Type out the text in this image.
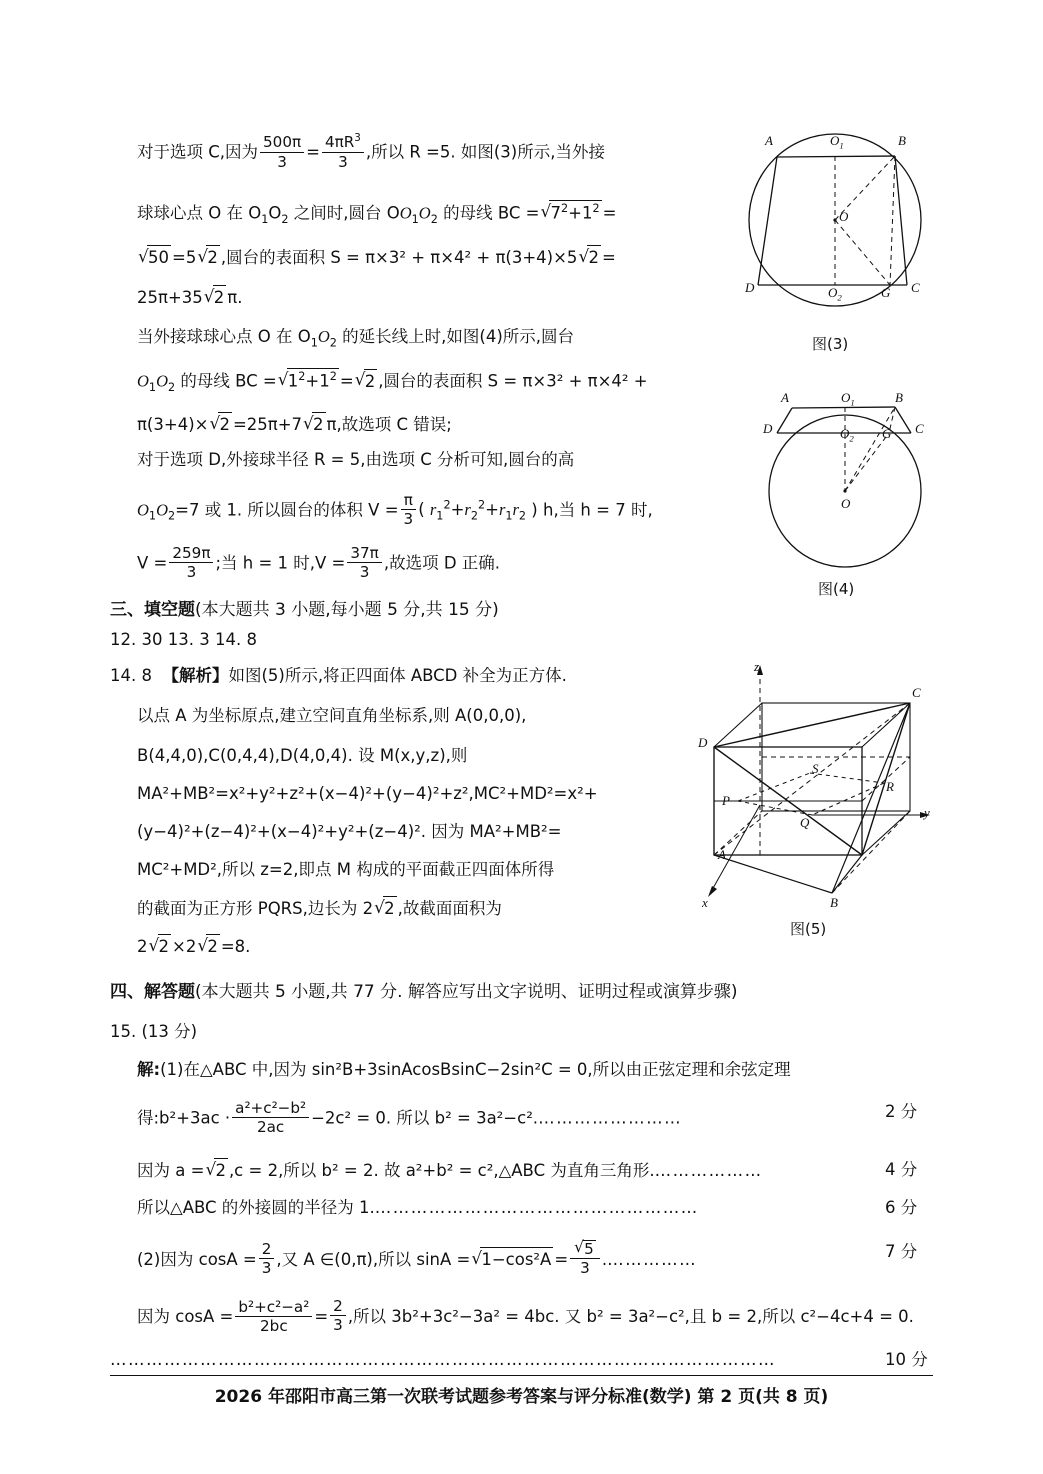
对于选项 C,因为 $\frac{500\pi}{3} = \frac{4\pi R^3}{3}$ ,所以 R =5. 如图(3)所示,当外接
球球心点 O 在 $O_1O_2$ 之间时,圆台 $OO_1O_2$ 的母线 BC = √ $7^2+1^2$ =
√ 50 =5 √ 2 ,圆台的表面积 S = π×3² + π×4² + π(3+4)×5 √ 2 =
25π+35 √ 2 π.
当外接球球心点 O 在 $O_1O_2$ 的延长线上时,如图(4)所示,圆台
$O_1O_2$ 的母线 BC = √ $1^2+1^2$ = √ 2 ,圆台的表面积 S = π×3² + π×4² +
π(3+4)× √ 2 =25π+7 √ 2 π,故选项 C 错误;
对于选项 D,外接球半径 R = 5,由选项 C 分析可知,圆台的高
$O_1O_2=7$ 或 1. 所以圆台的体积 $V = \frac{\pi}{3}$ ( $r_1^2+r_2^2+r_1r_2$ ) h,当 h = 7 时,
$V = \frac{259\pi}{3}$ ;当 h = 1 时$,V = \frac{37\pi}{3}$ ,故选项 D 正确.
三、填空题(本大题共 3 小题,每小题 5 分,共 15 分)
12. 30 13. 3 14. 8
14. 8 【解析】如图(5)所示,将正四面体 ABCD 补全为正方体.
以点 A 为坐标原点,建立空间直角坐标系,则 A(0,0,0),
B(4,4,0),C(0,4,4),D(4,0,4). 设 M(x,y,z),则
MA²+MB²=x²+y²+z²+(x−4)²+(y−4)²+z²,MC²+MD²=x²+
(y−4)²+(z−4)²+(x−4)²+y²+(z−4)². 因为 MA²+MB²=
MC²+MD²,所以 z=2,即点 M 构成的平面截正四面体所得
的截面为正方形 PQRS,边长为 2 √ 2 ,故截面面积为
2 √ 2 ×2 √ 2 =8.
四、解答题(本大题共 5 小题,共 77 分. 解答应写出文字说明、证明过程或演算步骤)
15. (13 分)
解:(1)在△ABC 中,因为 sin²B+3sinAcosBsinC−2sin²C = 0,所以由正弦定理和余弦定理
得:b²+3ac · $\frac{\text{a²+c²−b²}}{2ac} -2c^2 = 0$. 所以 b² = 3a²−c².……………………	2 分
因为 a = √ 2 ,c = 2,所以 b² = 2. 故 a²+b² = c²,△ABC 为直角三角形.………………	4 分
所以△ABC 的外接圆的半径为 1.………………………………………………	6 分
(2)因为 $\cos A = \frac{2}{3}$ ,又 A ∈(0,π),所以 sinA = √ 1−cos²A = √ $\frac{5}{3}$ .……………	7 分
因为 $\cos A = \frac{\text{b²+c²−a²}}{2bc} = \frac{2}{3}$ ,所以 3b²+3c²−3a² = 4bc. 又 b² = 3a²−c²,且 b = 2,所以 c²−4c+4 = 0.
…………………………………………………………………………………………………	10 分
A	B
$O_1$
O
D	$O_2$	G C
图(3)
A	$O_1$	B
D	$O_2$ G C
O
图(4)
z
y
x
C
D
P
R
S
Q
A
B
图(5)
2026 年邵阳市高三第一次联考试题参考答案与评分标准(数学) 第 2 页(共 8 页)
